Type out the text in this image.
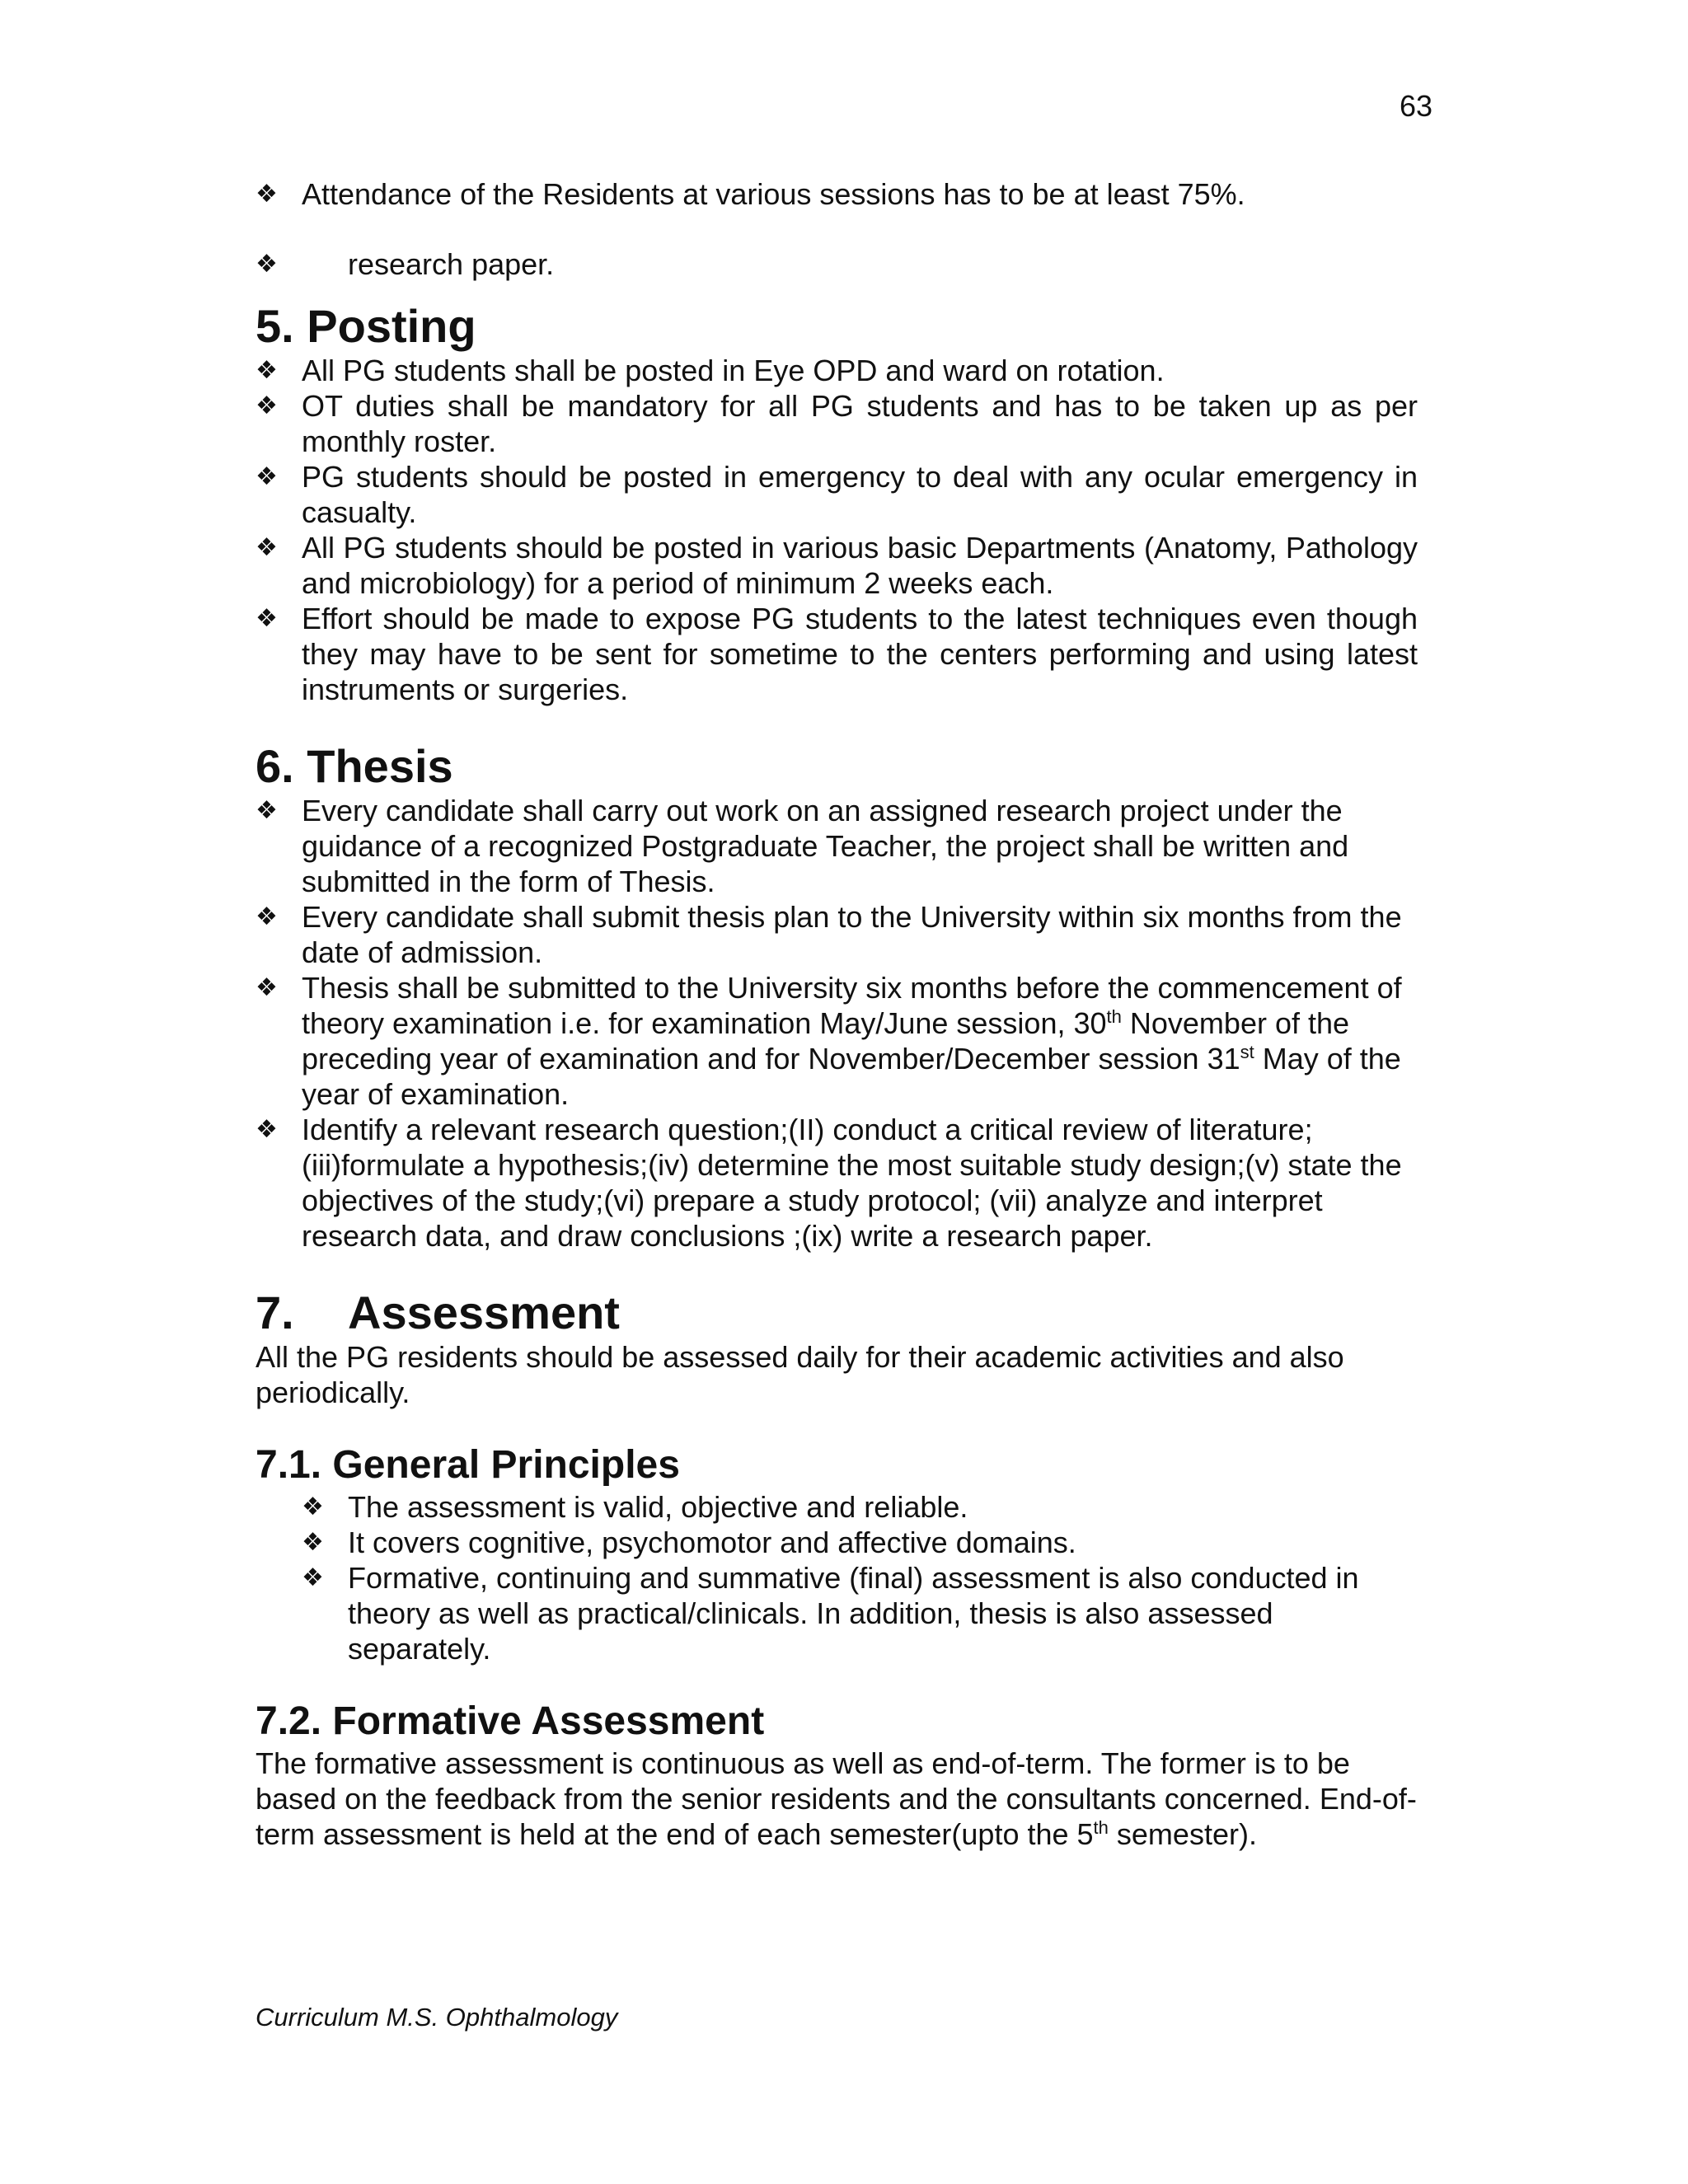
63
❖ Attendance of the Residents at various sessions has to be at least 75%.
❖	research paper.
5. Posting
❖ All PG students shall be posted in Eye OPD and ward on rotation.
❖ OT duties shall be mandatory for all PG students and has to be taken up as per monthly roster.
❖ PG students should be posted in emergency to deal with any ocular emergency in casualty.
❖ All PG students should be posted in various basic Departments (Anatomy, Pathology and microbiology) for a period of minimum 2 weeks each.
❖ Effort should be made to expose PG students to the latest techniques even though they may have to be sent for sometime to the centers performing and using latest instruments or surgeries.
6. Thesis
❖ Every candidate shall carry out work on an assigned research project under the guidance of a recognized Postgraduate Teacher, the project shall be written and submitted in the form of Thesis.
❖ Every candidate shall submit thesis plan to the University within six months from the date of admission.
❖ Thesis shall be submitted to the University six months before the commencement of theory examination i.e. for examination May/June session, 30th November of the preceding year of examination and for November/December session 31st May of the year of examination.
❖ Identify a relevant research question;(II) conduct a critical review of literature;(iii)formulate a hypothesis;(iv) determine the most suitable study design;(v) state the objectives of the study;(vi) prepare a study protocol; (vii) analyze and interpret research data, and draw conclusions ;(ix) write a research paper.
7. Assessment

All the PG residents should be assessed daily for their academic activities and also periodically.

7.1. General Principles
❖ The assessment is valid, objective and reliable.
❖ It covers cognitive, psychomotor and affective domains.
❖ Formative, continuing and summative (final) assessment is also conducted in theory as well as practical/clinicals. In addition, thesis is also assessed separately.
7.2. Formative Assessment

The formative assessment is continuous as well as end-of-term. The former is to be based on the feedback from the senior residents and the consultants concerned. End-of-term assessment is held at the end of each semester(upto the 5th semester).

Curriculum M.S. Ophthalmology
